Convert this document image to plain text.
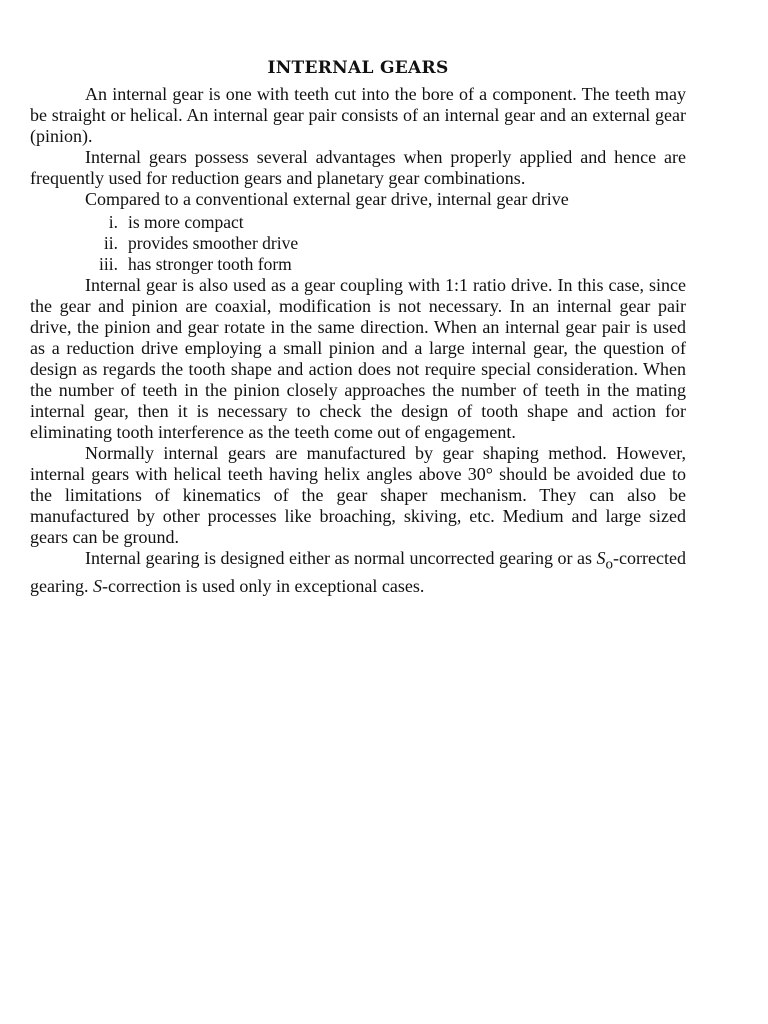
INTERNAL GEARS

An internal gear is one with teeth cut into the bore of a component. The teeth may be straight or helical. An internal gear pair consists of an internal gear and an external gear (pinion).

Internal gears possess several advantages when properly applied and hence are frequently used for reduction gears and planetary gear combinations.

Compared to a conventional external gear drive, internal gear drive

i. is more compact
ii. provides smoother drive
iii. has stronger tooth form

Internal gear is also used as a gear coupling with 1:1 ratio drive. In this case, since the gear and pinion are coaxial, modification is not necessary. In an internal gear pair drive, the pinion and gear rotate in the same direction. When an internal gear pair is used as a reduction drive employing a small pinion and a large internal gear, the question of design as regards the tooth shape and action does not require special consideration. When the number of teeth in the pinion closely approaches the number of teeth in the mating internal gear, then it is necessary to check the design of tooth shape and action for eliminating tooth interference as the teeth come out of engagement.

Normally internal gears are manufactured by gear shaping method. However, internal gears with helical teeth having helix angles above 30° should be avoided due to the limitations of kinematics of the gear shaper mechanism. They can also be manufactured by other processes like broaching, skiving, etc. Medium and large sized gears can be ground.

Internal gearing is designed either as normal uncorrected gearing or as $S_o$-corrected gearing. S-correction is used only in exceptional cases.
